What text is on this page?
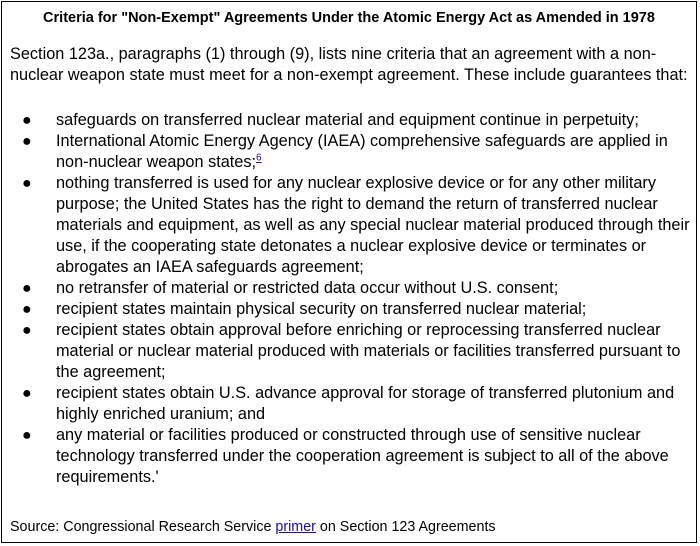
Criteria for "Non-Exempt" Agreements Under the Atomic Energy Act as Amended in 1978
Section 123a., paragraphs (1) through (9), lists nine criteria that an agreement with a non-nuclear weapon state must meet for a non-exempt agreement. These include guarantees that:
● safeguards on transferred nuclear material and equipment continue in perpetuity;
● International Atomic Energy Agency (IAEA) comprehensive safeguards are applied in non-nuclear weapon states;$^6$
● nothing transferred is used for any nuclear explosive device or for any other military purpose; the United States has the right to demand the return of transferred nuclear materials and equipment, as well as any special nuclear material produced through their use, if the cooperating state detonates a nuclear explosive device or terminates or abrogates an IAEA safeguards agreement;
● no retransfer of material or restricted data occur without U.S. consent;
● recipient states maintain physical security on transferred nuclear material;
● recipient states obtain approval before enriching or reprocessing transferred nuclear material or nuclear material produced with materials or facilities transferred pursuant to the agreement;
● recipient states obtain U.S. advance approval for storage of transferred plutonium and highly enriched uranium; and
● any material or facilities produced or constructed through use of sensitive nuclear technology transferred under the cooperation agreement is subject to all of the above requirements.'
Source: Congressional Research Service primer on Section 123 Agreements
